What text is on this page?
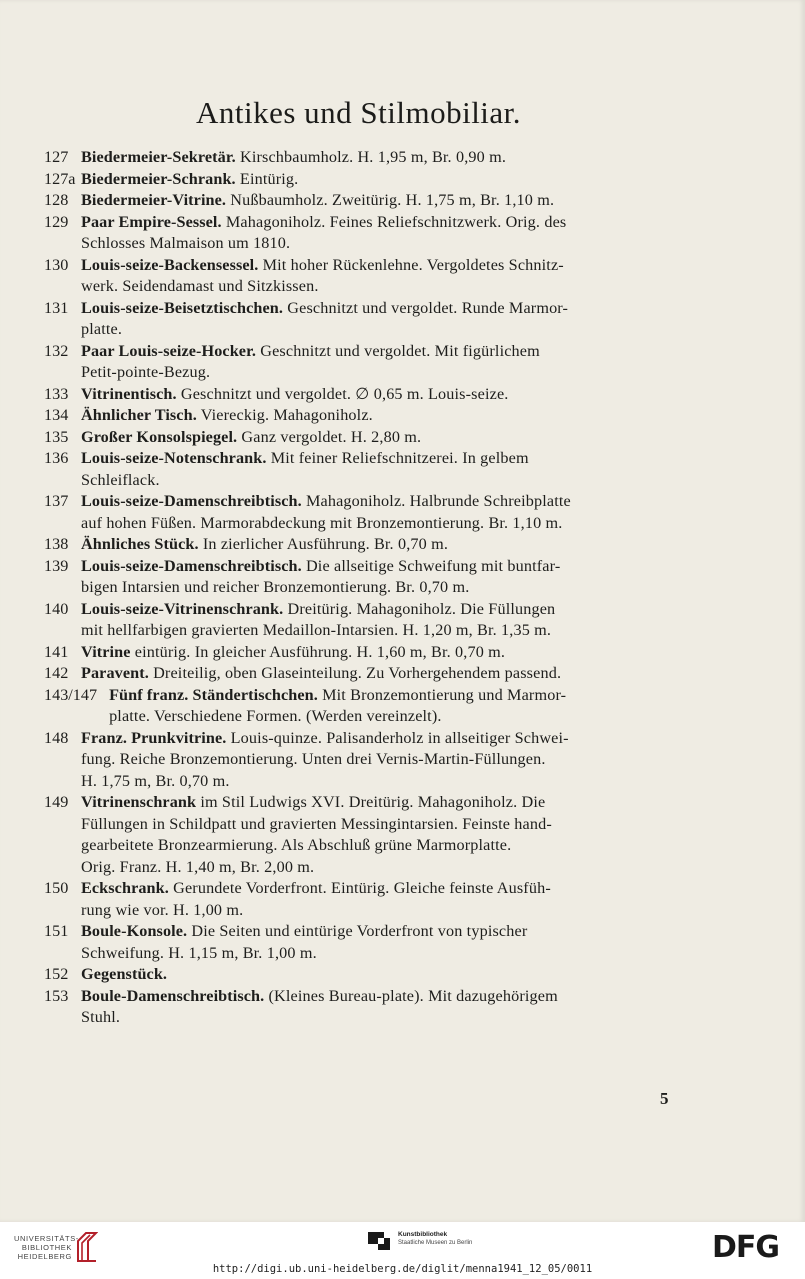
Antikes und Stilmobiliar.
127 Biedermeier-Sekretär. Kirschbaumholz. H. 1,95 m, Br. 0,90 m.
127a Biedermeier-Schrank. Eintürig.
128 Biedermeier-Vitrine. Nußbaumholz. Zweitürig. H. 1,75 m, Br. 1,10 m.
129 Paar Empire-Sessel. Mahagoniholz. Feines Reliefschnitzwerk. Orig. des
Schlosses Malmaison um 1810.
130 Louis-seize-Backensessel. Mit hoher Rückenlehne. Vergoldetes Schnitz-
werk. Seidendamast und Sitzkissen.
131 Louis-seize-Beisetztischchen. Geschnitzt und vergoldet. Runde Marmor-
platte.
132 Paar Louis-seize-Hocker. Geschnitzt und vergoldet. Mit figürlichem
Petit-pointe-Bezug.
133 Vitrinentisch. Geschnitzt und vergoldet. ∅ 0,65 m. Louis-seize.
134 Ähnlicher Tisch. Viereckig. Mahagoniholz.
135 Großer Konsolspiegel. Ganz vergoldet. H. 2,80 m.
136 Louis-seize-Notenschrank. Mit feiner Reliefschnitzerei. In gelbem
Schleiflack.
137 Louis-seize-Damenschreibtisch. Mahagoniholz. Halbrunde Schreibplatte
auf hohen Füßen. Marmorabdeckung mit Bronzemontierung. Br. 1,10 m.
138 Ähnliches Stück. In zierlicher Ausführung. Br. 0,70 m.
139 Louis-seize-Damenschreibtisch. Die allseitige Schweifung mit buntfar-
bigen Intarsien und reicher Bronzemontierung. Br. 0,70 m.
140 Louis-seize-Vitrinenschrank. Dreitürig. Mahagoniholz. Die Füllungen
mit hellfarbigen gravierten Medaillon-Intarsien. H. 1,20 m, Br. 1,35 m.
141 Vitrine eintürig. In gleicher Ausführung. H. 1,60 m, Br. 0,70 m.
142 Paravent. Dreiteilig, oben Glaseinteilung. Zu Vorhergehendem passend.
143/147 Fünf franz. Ständertischchen. Mit Bronzemontierung und Marmor-
platte. Verschiedene Formen. (Werden vereinzelt).
148 Franz. Prunkvitrine. Louis-quinze. Palisanderholz in allseitiger Schwei-
fung. Reiche Bronzemontierung. Unten drei Vernis-Martin-Füllungen.
H. 1,75 m, Br. 0,70 m.
149 Vitrinenschrank im Stil Ludwigs XVI. Dreitürig. Mahagoniholz. Die
Füllungen in Schildpatt und gravierten Messingintarsien. Feinste hand-
gearbeitete Bronzearmierung. Als Abschluß grüne Marmorplatte.
Orig. Franz. H. 1,40 m, Br. 2,00 m.
150 Eckschrank. Gerundete Vorderfront. Eintürig. Gleiche feinste Ausfüh-
rung wie vor. H. 1,00 m.
151 Boule-Konsole. Die Seiten und eintürige Vorderfront von typischer
Schweifung. H. 1,15 m, Br. 1,00 m.
152 Gegenstück.
153 Boule-Damenschreibtisch. (Kleines Bureau-plate). Mit dazugehörigem
Stuhl.
5
UNIVERSITÄTS-
BIBLIOTHEK
HEIDELBERG
Kunstbibliothek
Staatliche Museen zu Berlin	DFG
http://digi.ub.uni-heidelberg.de/diglit/menna1941_12_05/0011
